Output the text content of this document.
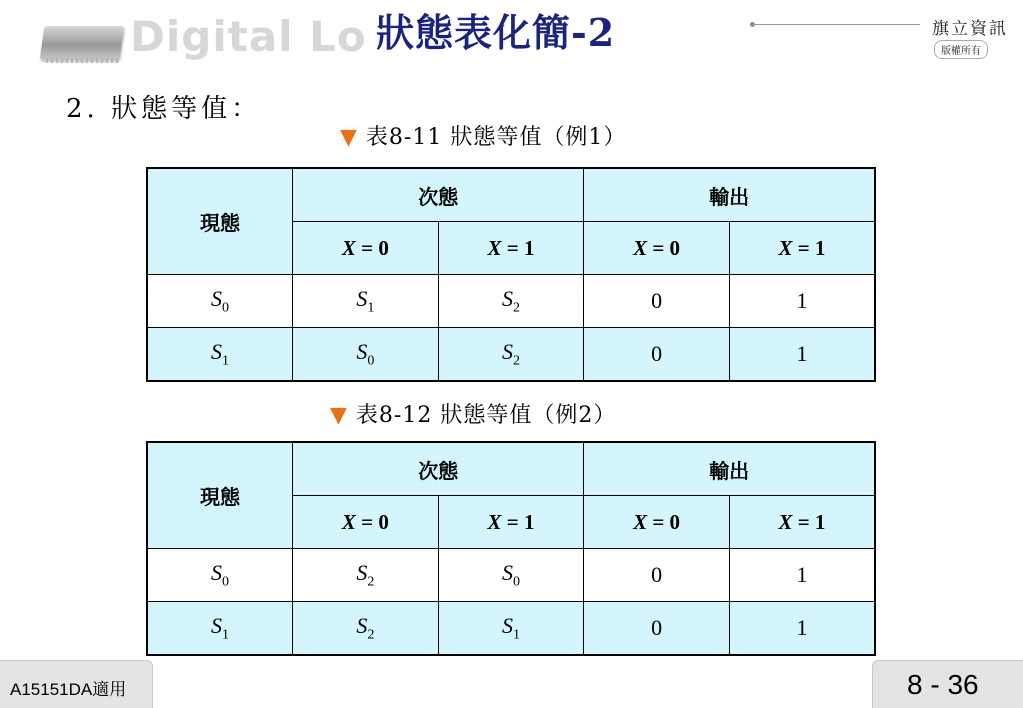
Digital Lo 狀態表化簡-2	旗立資訊
版權所有
2. 狀態等值：
▼ 表8-11 狀態等值（例1）
現態	次態		輸出	
	X = 0	X = 1	X = 0	X = 1
$S_0$	$S_1$	$S_2$	0	1
$S_1$	$S_0$	$S_2$	0	1
▼ 表8-12 狀態等值（例2）
現態	次態		輸出	
	X = 0	X = 1	X = 0	X = 1
$S_0$	$S_2$	$S_0$	0	1
$S_1$	$S_2$	$S_1$	0	1
A15151DA適用	8 - 36
